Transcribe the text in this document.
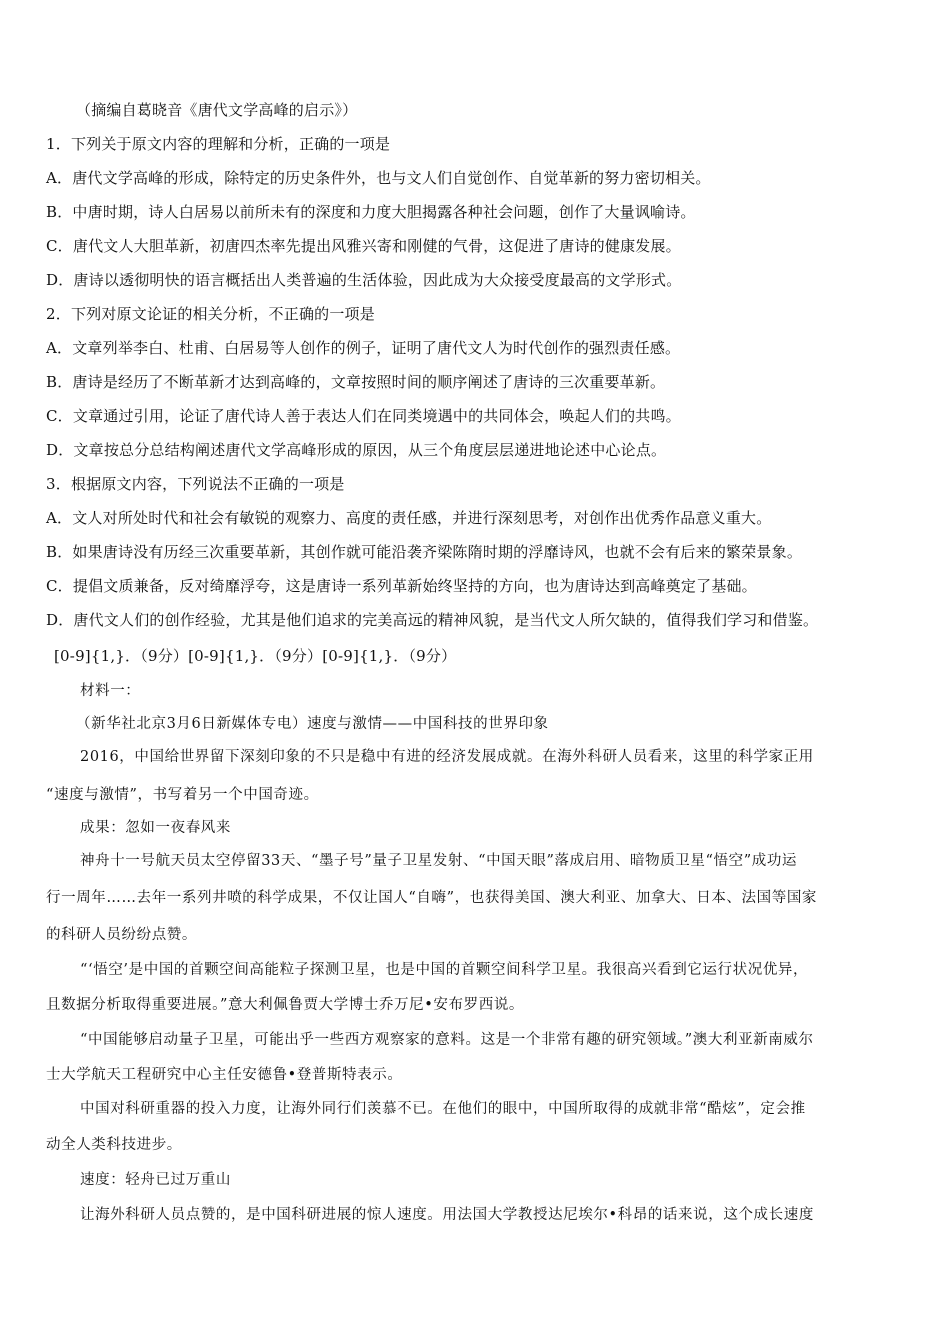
（摘编自葛晓音《唐代文学高峰的启示》）
1．下列关于原文内容的理解和分析，正确的一项是
A．唐代文学高峰的形成，除特定的历史条件外，也与文人们自觉创作、自觉革新的努力密切相关。
B．中唐时期，诗人白居易以前所未有的深度和力度大胆揭露各种社会问题，创作了大量讽喻诗。
C．唐代文人大胆革新，初唐四杰率先提出风雅兴寄和刚健的气骨，这促进了唐诗的健康发展。
D．唐诗以透彻明快的语言概括出人类普遍的生活体验，因此成为大众接受度最高的文学形式。
2．下列对原文论证的相关分析，不正确的一项是
A．文章列举李白、杜甫、白居易等人创作的例子，证明了唐代文人为时代创作的强烈责任感。
B．唐诗是经历了不断革新才达到高峰的，文章按照时间的顺序阐述了唐诗的三次重要革新。
C．文章通过引用，论证了唐代诗人善于表达人们在同类境遇中的共同体会，唤起人们的共鸣。
D．文章按总分总结构阐述唐代文学高峰形成的原因，从三个角度层层递进地论述中心论点。
3．根据原文内容，下列说法不正确的一项是
A．文人对所处时代和社会有敏锐的观察力、高度的责任感，并进行深刻思考，对创作出优秀作品意义重大。
B．如果唐诗没有历经三次重要革新，其创作就可能沿袭齐梁陈隋时期的浮靡诗风，也就不会有后来的繁荣景象。
C．提倡文质兼备，反对绮靡浮夸，这是唐诗一系列革新始终坚持的方向，也为唐诗达到高峰奠定了基础。
D．唐代文人们的创作经验，尤其是他们追求的完美高远的精神风貌，是当代文人所欠缺的，值得我们学习和借鉴。
[0-9]{1,}．（9分）[0-9]{1,}．（9分）[0-9]{1,}．（9分）
材料一：
（新华社北京3月6日新媒体专电）速度与激情——中国科技的世界印象
2016，中国给世界留下深刻印象的不只是稳中有进的经济发展成就。在海外科研人员看来，这里的科学家正用
“速度与激情”，书写着另一个中国奇迹。
成果：忽如一夜春风来
神舟十一号航天员太空停留33天、“墨子号”量子卫星发射、“中国天眼”落成启用、暗物质卫星“悟空”成功运
行一周年……去年一系列井喷的科学成果，不仅让国人“自嗨”，也获得美国、澳大利亚、加拿大、日本、法国等国家
的科研人员纷纷点赞。
“‘悟空’是中国的首颗空间高能粒子探测卫星，也是中国的首颗空间科学卫星。我很高兴看到它运行状况优异，
且数据分析取得重要进展。”意大利佩鲁贾大学博士乔万尼•安布罗西说。
“中国能够启动量子卫星，可能出乎一些西方观察家的意料。这是一个非常有趣的研究领域。”澳大利亚新南威尔
士大学航天工程研究中心主任安德鲁•登普斯特表示。
中国对科研重器的投入力度，让海外同行们羡慕不已。在他们的眼中，中国所取得的成就非常“酷炫”，定会推
动全人类科技进步。
速度：轻舟已过万重山
让海外科研人员点赞的，是中国科研进展的惊人速度。用法国大学教授达尼埃尔•科昂的话来说，这个成长速度
